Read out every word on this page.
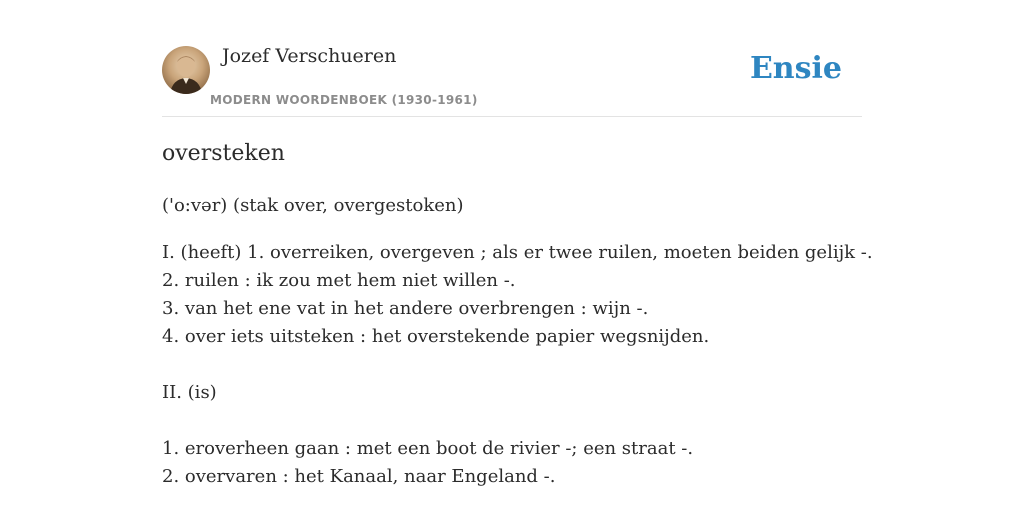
Jozef Verschueren
MODERN WOORDENBOEK (1930-1961)
Ensie
oversteken
('o:vər) (stak over, overgestoken)
I. (heeft) 1. overreiken, overgeven ; als er twee ruilen, moeten beiden gelijk -.
2. ruilen : ik zou met hem niet willen -.
3. van het ene vat in het andere overbrengen : wijn -.
4. over iets uitsteken : het overstekende papier wegsnijden.
II. (is)
1. eroverheen gaan : met een boot de rivier -; een straat -.
2. overvaren : het Kanaal, naar Engeland -.
